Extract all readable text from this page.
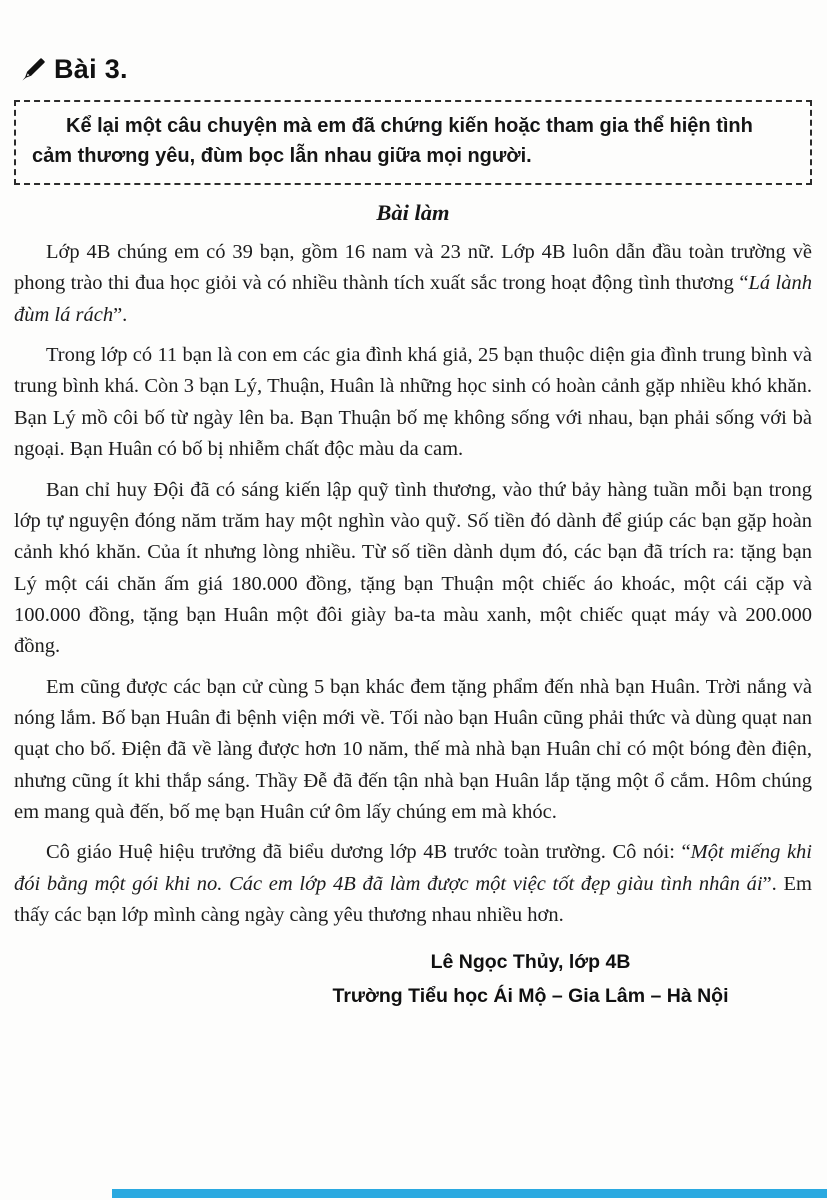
Bài 3.

Kể lại một câu chuyện mà em đã chứng kiến hoặc tham gia thể hiện tình cảm thương yêu, đùm bọc lẫn nhau giữa mọi người.

Bài làm

Lớp 4B chúng em có 39 bạn, gồm 16 nam và 23 nữ. Lớp 4B luôn dẫn đầu toàn trường về phong trào thi đua học giỏi và có nhiều thành tích xuất sắc trong hoạt động tình thương “Lá lành đùm lá rách”.

Trong lớp có 11 bạn là con em các gia đình khá giả, 25 bạn thuộc diện gia đình trung bình và trung bình khá. Còn 3 bạn Lý, Thuận, Huân là những học sinh có hoàn cảnh gặp nhiều khó khăn. Bạn Lý mồ côi bố từ ngày lên ba. Bạn Thuận bố mẹ không sống với nhau, bạn phải sống với bà ngoại. Bạn Huân có bố bị nhiễm chất độc màu da cam.

Ban chỉ huy Đội đã có sáng kiến lập quỹ tình thương, vào thứ bảy hàng tuần mỗi bạn trong lớp tự nguyện đóng năm trăm hay một nghìn vào quỹ. Số tiền đó dành để giúp các bạn gặp hoàn cảnh khó khăn. Của ít nhưng lòng nhiều. Từ số tiền dành dụm đó, các bạn đã trích ra: tặng bạn Lý một cái chăn ấm giá 180.000 đồng, tặng bạn Thuận một chiếc áo khoác, một cái cặp và 100.000 đồng, tặng bạn Huân một đôi giày ba-ta màu xanh, một chiếc quạt máy và 200.000 đồng.

Em cũng được các bạn cử cùng 5 bạn khác đem tặng phẩm đến nhà bạn Huân. Trời nắng và nóng lắm. Bố bạn Huân đi bệnh viện mới về. Tối nào bạn Huân cũng phải thức và dùng quạt nan quạt cho bố. Điện đã về làng được hơn 10 năm, thế mà nhà bạn Huân chỉ có một bóng đèn điện, nhưng cũng ít khi thắp sáng. Thầy Đễ đã đến tận nhà bạn Huân lắp tặng một ổ cắm. Hôm chúng em mang quà đến, bố mẹ bạn Huân cứ ôm lấy chúng em mà khóc.

Cô giáo Huệ hiệu trưởng đã biểu dương lớp 4B trước toàn trường. Cô nói: “Một miếng khi đói bằng một gói khi no. Các em lớp 4B đã làm được một việc tốt đẹp giàu tình nhân ái”. Em thấy các bạn lớp mình càng ngày càng yêu thương nhau nhiều hơn.

Lê Ngọc Thủy, lớp 4B
Trường Tiểu học Ái Mộ – Gia Lâm – Hà Nội
